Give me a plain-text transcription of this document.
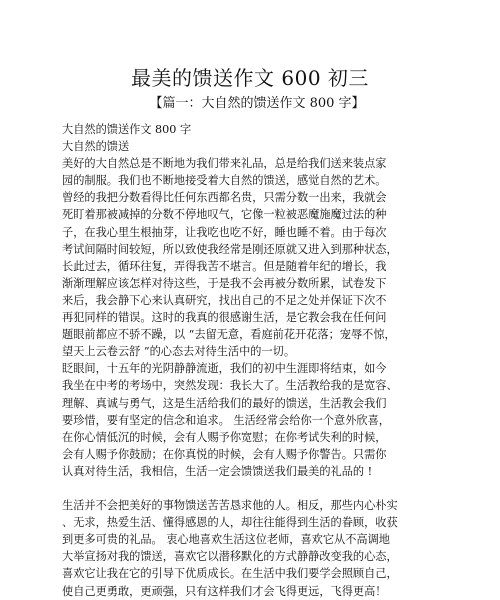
最美的馈送作文 600 初三
【篇一：大自然的馈送作文 800 字】
大自然的馈送作文 800 字
大自然的馈送
美好的大自然总是不断地为我们带来礼品，总是给我们送来装点家
园的制服。我们也不断地接受着大自然的馈送，感觉自然的艺术。
曾经的我把分数看得比任何东西都名贵，只需分数一出来，我就会
死盯着那被减掉的分数不停地叹气，它像一粒被恶魔施魔过法的种
子，在我心里生根抽芽，让我吃也吃不好，睡也睡不着。由于每次
考试间隔时间较短，所以致使我经常是刚还原就又进入到那种状态，
长此过去，循环往复，弄得我苦不堪言。但是随着年纪的增长，我
渐渐理解应该怎样对待这些，于是我不会再被分数所累，试卷发下
来后，我会静下心来认真研究，找出自己的不足之处并保证下次不
再犯同样的错误。这时的我真的很感谢生活，是它教会我在任何问
题眼前都应不骄不躁，以 “去留无意，看庭前花开花落；宠辱不惊，
望天上云卷云舒 ”的心态去对待生活中的一切。
眨眼间，十五年的光阴静静流逝，我们的初中生涯即将结束，如今
我坐在中考的考场中，突然发现：我长大了。生活教给我的是宽容、
理解、真诚与勇气，这是生活给我们的最好的馈送，生活教会我们
要珍惜，要有坚定的信念和追求。 生活经常会给你一个意外欣喜，
在你心情低沉的时候，会有人赐予你宽慰；在你考试失利的时候，
会有人赐予你鼓励；在你真悦的时候，会有人赐予你警告。只需你
认真对待生活，我相信，生活一定会馈馈送我们最美的礼品的 !
生活并不会把美好的事物馈送苦苦恳求他的人。相反，那些内心朴实
、无求，热爱生活、懂得感恩的人，却往往能得到生活的眷顾，收获
到更多可贵的礼品。 衷心地喜欢生活这位老师，喜欢它从不高调地
大举宣扬对我的馈送，喜欢它以潜移默化的方式静静改变我的心态，
喜欢它让我在它的引导下优质成长。在生活中我们要学会照顾自己，
使自己更勇敢，更顽强，只有这样我们才会飞得更远，飞得更高！
